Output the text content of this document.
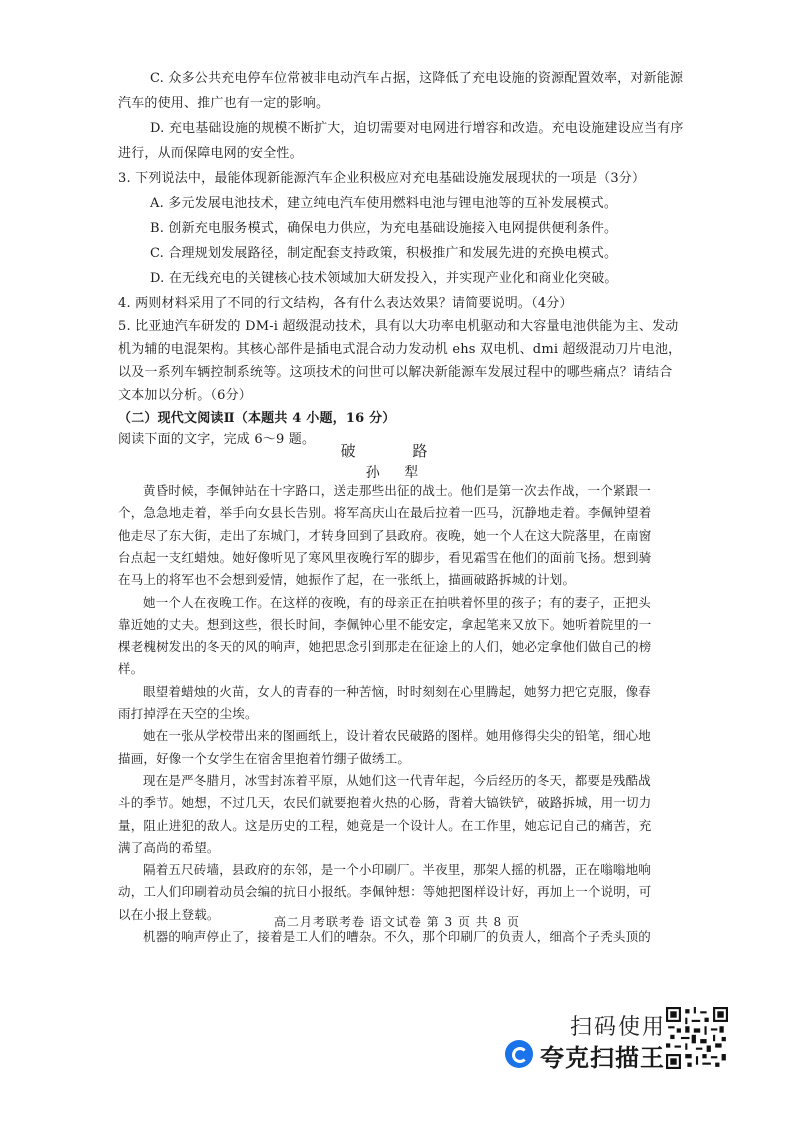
C. 众多公共充电停车位常被非电动汽车占据，这降低了充电设施的资源配置效率，对新能源
汽车的使用、推广也有一定的影响。
D. 充电基础设施的规模不断扩大，迫切需要对电网进行增容和改造。充电设施建设应当有序
进行，从而保障电网的安全性。
3. 下列说法中，最能体现新能源汽车企业积极应对充电基础设施发展现状的一项是（3分）
A. 多元发展电池技术，建立纯电汽车使用燃料电池与锂电池等的互补发展模式。
B. 创新充电服务模式，确保电力供应，为充电基础设施接入电网提供便利条件。
C. 合理规划发展路径，制定配套支持政策，积极推广和发展先进的充换电模式。
D. 在无线充电的关键核心技术领域加大研发投入，并实现产业化和商业化突破。
4. 两则材料采用了不同的行文结构，各有什么表达效果？请简要说明。（4分）
5. 比亚迪汽车研发的 DM-i 超级混动技术，具有以大功率电机驱动和大容量电池供能为主、发动
机为辅的电混架构。其核心部件是插电式混合动力发动机 ehs 双电机、dmi 超级混动刀片电池，
以及一系列车辆控制系统等。这项技术的问世可以解决新能源车发展过程中的哪些痛点？请结合
文本加以分析。（6分）
（二）现代文阅读Ⅱ（本题共 4 小题，16 分）
阅读下面的文字，完成 6～9 题。
黄昏时候，李佩钟站在十字路口，送走那些出征的战士。他们是第一次去作战，一个紧跟一
个，急急地走着，举手向女县长告别。将军高庆山在最后拉着一匹马，沉静地走着。李佩钟望着
他走尽了东大街，走出了东城门，才转身回到了县政府。夜晚，她一个人在这大院落里，在南窗
台点起一支红蜡烛。她好像听见了寒风里夜晚行军的脚步，看见霜雪在他们的面前飞扬。想到骑
在马上的将军也不会想到爱情，她振作了起，在一张纸上，描画破路拆城的计划。
她一个人在夜晚工作。在这样的夜晚，有的母亲正在拍哄着怀里的孩子；有的妻子，正把头
靠近她的丈夫。想到这些，很长时间，李佩钟心里不能安定，拿起笔来又放下。她听着院里的一
棵老槐树发出的冬天的风的响声，她把思念引到那走在征途上的人们，她必定拿他们做自己的榜
样。
眼望着蜡烛的火苗，女人的青春的一种苦恼，时时刻刻在心里腾起，她努力把它克服，像春
雨打掉浮在天空的尘埃。
她在一张从学校带出来的图画纸上，设计着农民破路的图样。她用修得尖尖的铅笔，细心地
描画，好像一个女学生在宿舍里抱着竹绷子做绣工。
现在是严冬腊月，冰雪封冻着平原，从她们这一代青年起，今后经历的冬天，都要是残酷战
斗的季节。她想，不过几天，农民们就要抱着火热的心肠，背着大镐铁铲，破路拆城，用一切力
量，阻止进犯的敌人。这是历史的工程，她竟是一个设计人。在工作里，她忘记自己的痛苦，充
满了高尚的希望。
隔着五尺砖墙，县政府的东邻，是一个小印刷厂。半夜里，那架人摇的机器，正在嗡嗡地响
动，工人们印刷着动员会编的抗日小报纸。李佩钟想：等她把图样设计好，再加上一个说明，可
以在小报上登载。
机器的响声停止了，接着是工人们的嘈杂。不久，那个印刷厂的负责人，细高个子秃头顶的
破 路
孙 犁
高二月考联考卷 语文试卷 第 3 页 共 8 页
扫码使用
夸克扫描王
